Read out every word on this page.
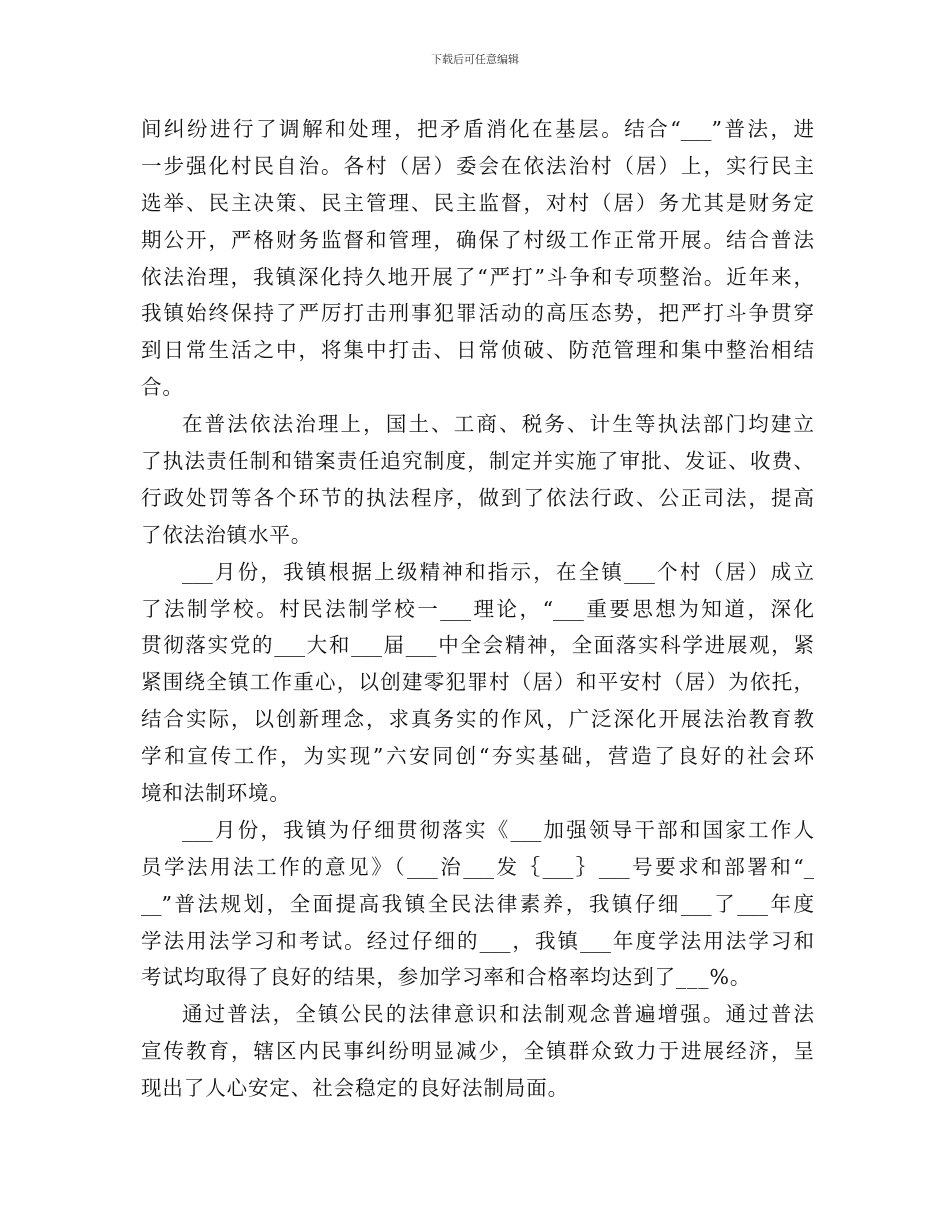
下载后可任意编辑
间纠纷进行了调解和处理，把矛盾消化在基层。结合“___”普法，进
一步强化村民自治。各村（居）委会在依法治村（居）上，实行民主
选举、民主决策、民主管理、民主监督，对村（居）务尤其是财务定
期公开，严格财务监督和管理，确保了村级工作正常开展。结合普法
依法治理，我镇深化持久地开展了“严打”斗争和专项整治。近年来，
我镇始终保持了严厉打击刑事犯罪活动的高压态势，把严打斗争贯穿
到日常生活之中，将集中打击、日常侦破、防范管理和集中整治相结
合。
在普法依法治理上，国土、工商、税务、计生等执法部门均建立
了执法责任制和错案责任追究制度，制定并实施了审批、发证、收费、
行政处罚等各个环节的执法程序，做到了依法行政、公正司法，提高
了依法治镇水平。
___月份，我镇根据上级精神和指示，在全镇___个村（居）成立
了法制学校。村民法制学校一___理论，“___重要思想为知道，深化
贯彻落实党的___大和___届___中全会精神，全面落实科学进展观，紧
紧围绕全镇工作重心，以创建零犯罪村（居）和平安村（居）为依托，
结合实际，以创新理念，求真务实的作风，广泛深化开展法治教育教
学和宣传工作，为实现”六安同创“夯实基础，营造了良好的社会环
境和法制环境。
___月份，我镇为仔细贯彻落实《___加强领导干部和国家工作人
员学法用法工作的意见》（___治___发｛___｝___号要求和部署和“_
__”普法规划，全面提高我镇全民法律素养，我镇仔细___了___年度
学法用法学习和考试。经过仔细的___，我镇___年度学法用法学习和
考试均取得了良好的结果，参加学习率和合格率均达到了___%。
通过普法，全镇公民的法律意识和法制观念普遍增强。通过普法
宣传教育，辖区内民事纠纷明显减少，全镇群众致力于进展经济，呈
现出了人心安定、社会稳定的良好法制局面。
